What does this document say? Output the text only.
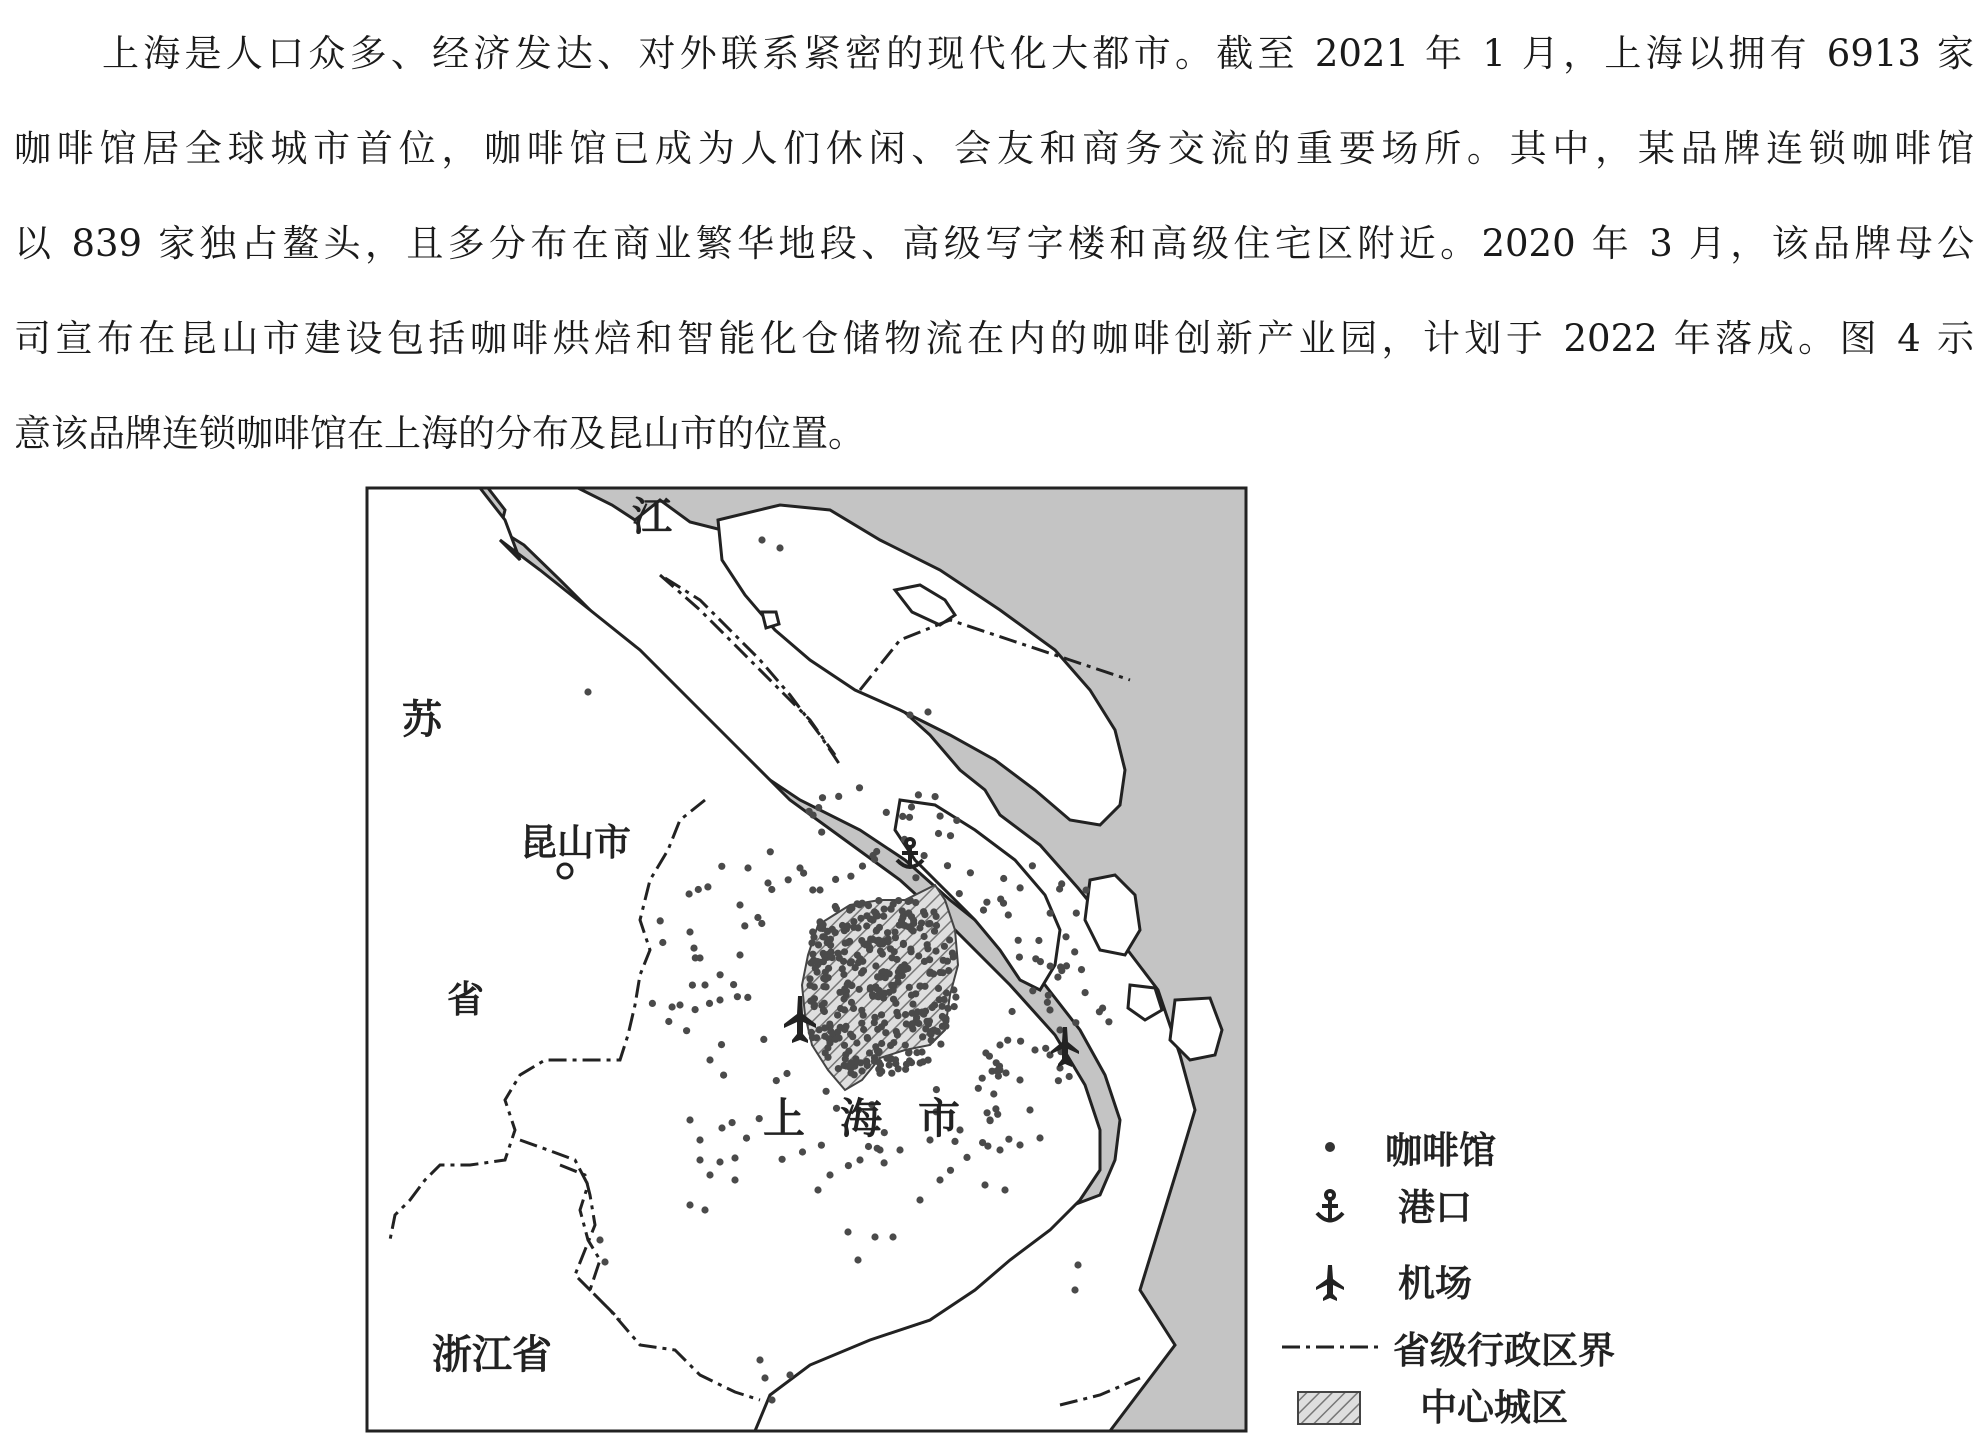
上海是人口众多、经济发达、对外联系紧密的现代化大都市。截至 2021 年 1 月，上海以拥有 6913 家
咖啡馆居全球城市首位，咖啡馆已成为人们休闲、会友和商务交流的重要场所。其中，某品牌连锁咖啡馆
以 839 家独占鳌头，且多分布在商业繁华地段、高级写字楼和高级住宅区附近。2020 年 3 月，该品牌母公
司宣布在昆山市建设包括咖啡烘焙和智能化仓储物流在内的咖啡创新产业园，计划于 2022 年落成。图 4 示
意该品牌连锁咖啡馆在上海的分布及昆山市的位置。
江
苏
昆山市
省
上 海 市
浙江省
咖啡馆
港口
机场
省级行政区界
中心城区
